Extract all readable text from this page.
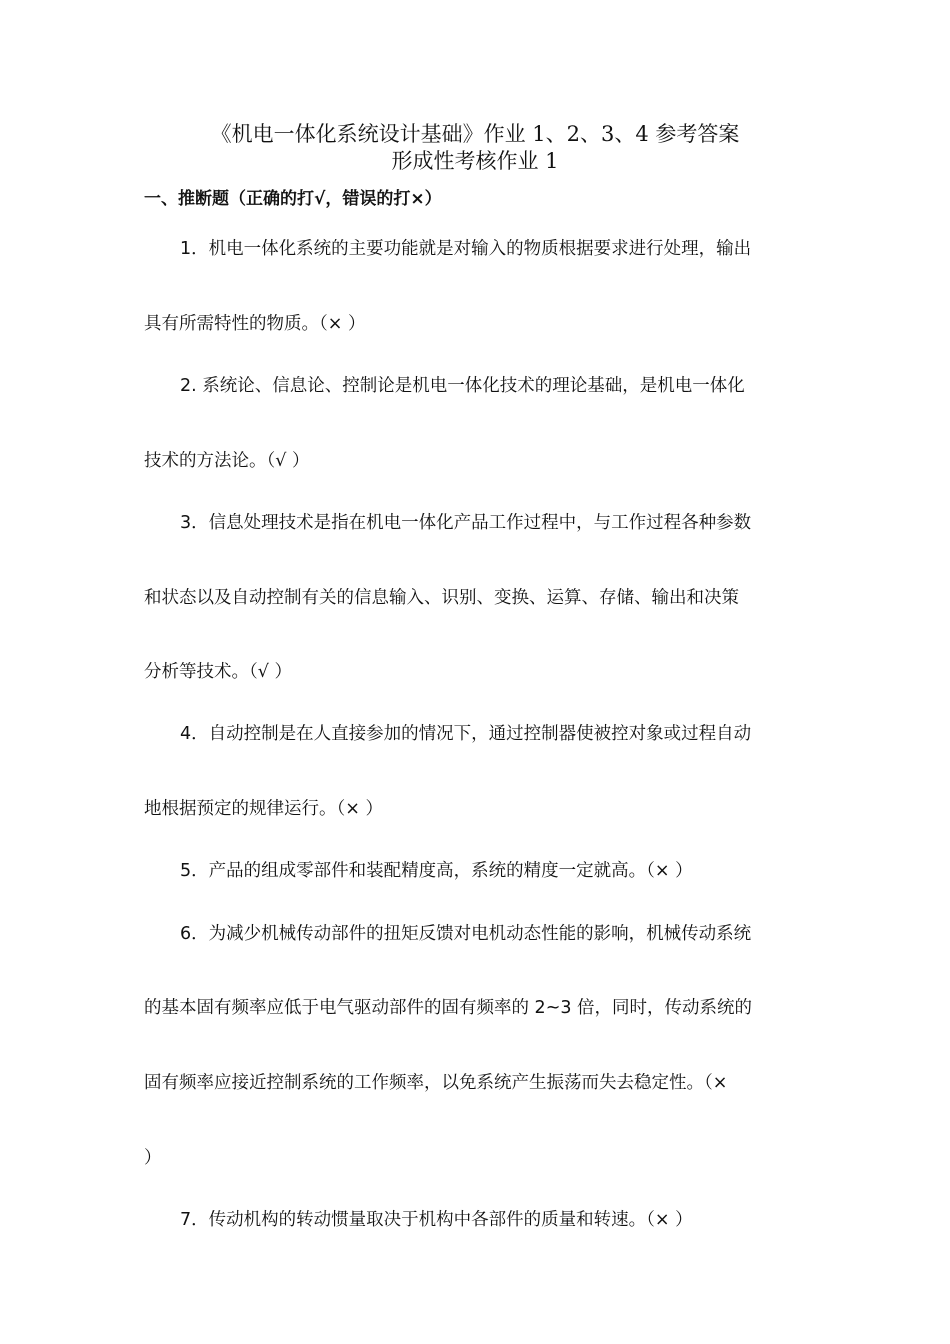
《机电一体化系统设计基础》作业 1、2、3、4 参考答案
形成性考核作业 1

一、推断题（正确的打√，错误的打×）

1．机电一体化系统的主要功能就是对输入的物质根据要求进行处理，输出

具有所需特性的物质。（× ）

2. 系统论、信息论、控制论是机电一体化技术的理论基础，是机电一体化

技术的方法论。（√ ）

3．信息处理技术是指在机电一体化产品工作过程中，与工作过程各种参数

和状态以及自动控制有关的信息输入、识别、变换、运算、存储、输出和决策

分析等技术。（√ ）

4．自动控制是在人直接参加的情况下，通过控制器使被控对象或过程自动

地根据预定的规律运行。（× ）

5．产品的组成零部件和装配精度高，系统的精度一定就高。（× ）

6．为减少机械传动部件的扭矩反馈对电机动态性能的影响，机械传动系统

的基本固有频率应低于电气驱动部件的固有频率的 2~3 倍，同时，传动系统的

固有频率应接近控制系统的工作频率，以免系统产生振荡而失去稳定性。（×

）

7．传动机构的转动惯量取决于机构中各部件的质量和转速。（× ）
